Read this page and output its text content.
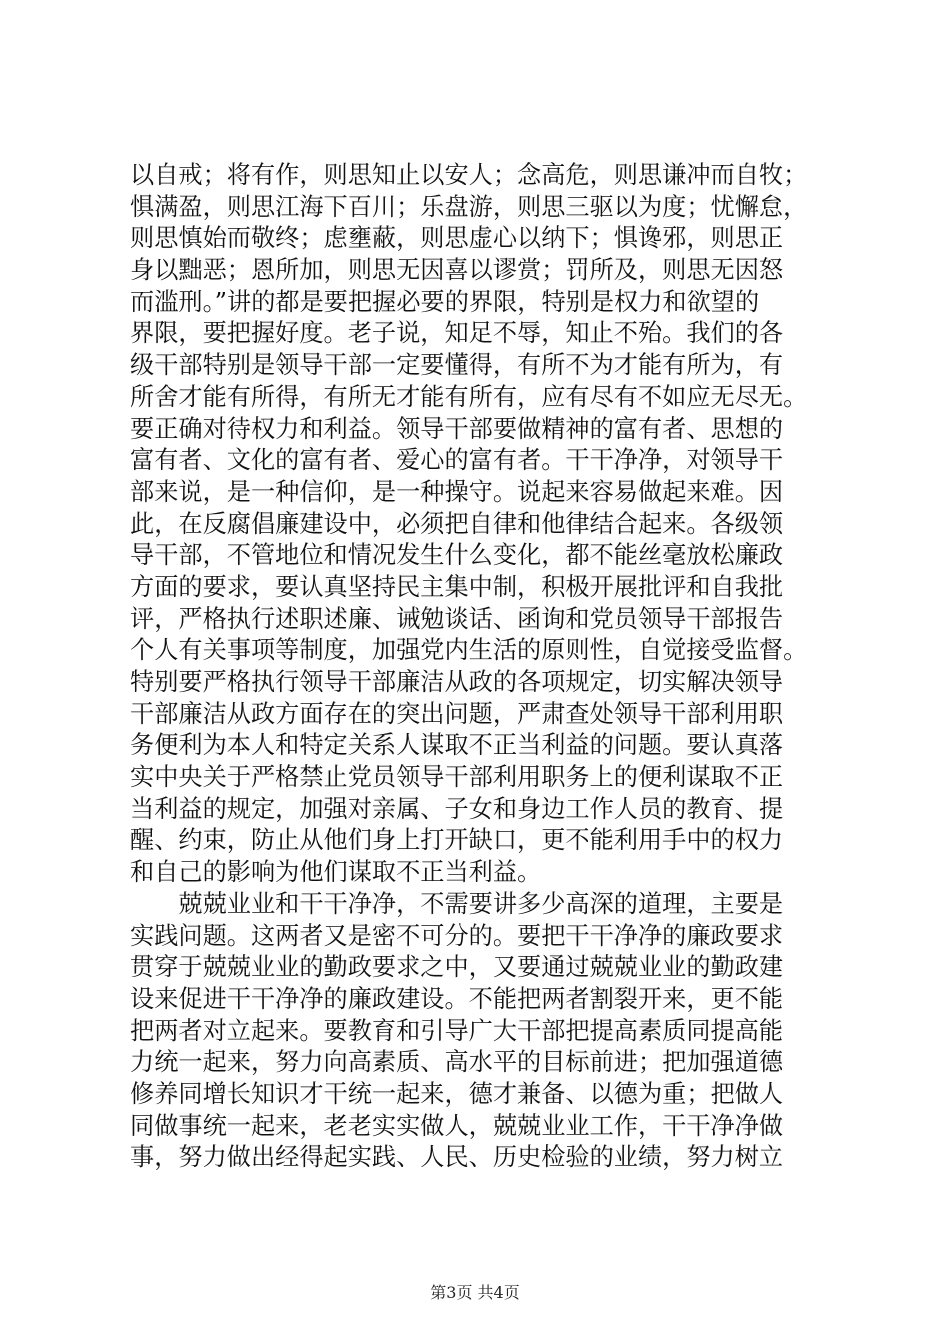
以自戒；将有作，则思知止以安人；念高危，则思谦冲而自牧；
惧满盈，则思江海下百川；乐盘游，则思三驱以为度；忧懈怠，
则思慎始而敬终；虑壅蔽，则思虚心以纳下；惧谗邪，则思正
身以黜恶；恩所加，则思无因喜以谬赏；罚所及，则思无因怒
而滥刑。”讲的都是要把握必要的界限，特别是权力和欲望的
界限，要把握好度。老子说，知足不辱，知止不殆。我们的各
级干部特别是领导干部一定要懂得，有所不为才能有所为，有
所舍才能有所得，有所无才能有所有，应有尽有不如应无尽无。
要正确对待权力和利益。领导干部要做精神的富有者、思想的
富有者、文化的富有者、爱心的富有者。干干净净，对领导干
部来说，是一种信仰，是一种操守。说起来容易做起来难。因
此，在反腐倡廉建设中，必须把自律和他律结合起来。各级领
导干部，不管地位和情况发生什么变化，都不能丝毫放松廉政
方面的要求，要认真坚持民主集中制，积极开展批评和自我批
评，严格执行述职述廉、诫勉谈话、函询和党员领导干部报告
个人有关事项等制度，加强党内生活的原则性，自觉接受监督。
特别要严格执行领导干部廉洁从政的各项规定，切实解决领导
干部廉洁从政方面存在的突出问题，严肃查处领导干部利用职
务便利为本人和特定关系人谋取不正当利益的问题。要认真落
实中央关于严格禁止党员领导干部利用职务上的便利谋取不正
当利益的规定，加强对亲属、子女和身边工作人员的教育、提
醒、约束，防止从他们身上打开缺口，更不能利用手中的权力
和自己的影响为他们谋取不正当利益。
　　兢兢业业和干干净净，不需要讲多少高深的道理，主要是
实践问题。这两者又是密不可分的。要把干干净净的廉政要求
贯穿于兢兢业业的勤政要求之中，又要通过兢兢业业的勤政建
设来促进干干净净的廉政建设。不能把两者割裂开来，更不能
把两者对立起来。要教育和引导广大干部把提高素质同提高能
力统一起来，努力向高素质、高水平的目标前进；把加强道德
修养同增长知识才干统一起来，德才兼备、以德为重；把做人
同做事统一起来，老老实实做人，兢兢业业工作，干干净净做
事，努力做出经得起实践、人民、历史检验的业绩，努力树立
第3页 共4页
